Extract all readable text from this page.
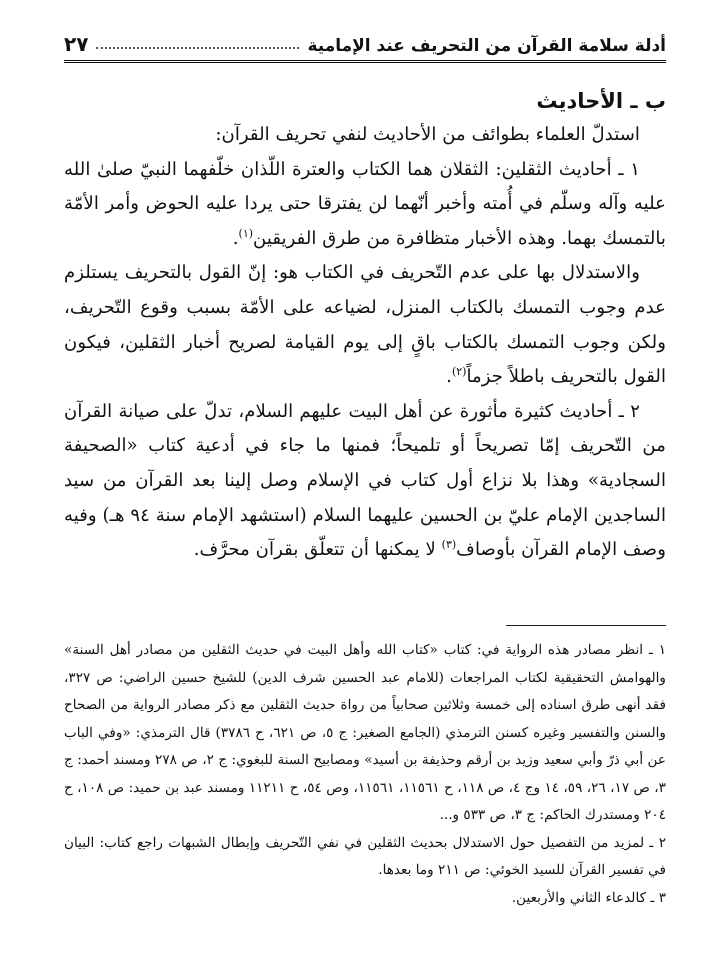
أدلة سلامة القرآن من التحريف عند الإمامية
٢٧

ب ـ الأحاديث

استدلّ العلماء بطوائف من الأحاديث لنفي تحريف القرآن:

١ ـ أحاديث الثقلين: الثقلان هما الكتاب والعترة اللّذان خلّفهما النبيّ صلىٰ الله عليه وآله وسلّم في أُمته وأخبر أنّهما لن يفترقا حتى يردا عليه الحوض وأمر الأمّة بالتمسك بهما. وهذه الأخبار متظافرة من طرق الفريقين$^{(١)}$.

والاستدلال بها على عدم التّحريف في الكتاب هو: إنّ القول بالتحريف يستلزم عدم وجوب التمسك بالكتاب المنزل، لضياعه على الأمّة بسبب وقوع التّحريف، ولكن وجوب التمسك بالكتاب باقٍ إلى يوم القيامة لصريح أخبار الثقلين، فيكون القول بالتحريف باطلاً جزماً$^{(٢)}$.

٢ ـ أحاديث كثيرة مأثورة عن أهل البيت عليهم السلام، تدلّ على صيانة القرآن من التّحريف إمّا تصريحاً أو تلميحاً؛ فمنها ما جاء في أدعية كتاب «الصحيفة السجادية» وهذا بلا نزاع أول كتاب في الإسلام وصل إلينا بعد القرآن من سيد الساجدين الإمام عليّ بن الحسين عليهما السلام (استشهد الإمام سنة ٩٤ هـ) وفيه وصف الإمام القرآن بأوصاف$^{(٣)}$ لا يمكنها أن تتعلّق بقرآن محرَّف.

١ ـ انظر مصادر هذه الرواية في: كتاب «كتاب الله وأهل البيت في حديث الثقلين من مصادر أهل السنة» والهوامش التحقيقية لكتاب المراجعات (للامام عبد الحسين شرف الدين) للشيخ حسين الراضي: ص ٣٢٧، فقد أنهى طرق اسناده إلى خمسة وثلاثين صحابياً من رواة حديث الثقلين مع ذكر مصادر الرواية من الصحاح والسنن والتفسير وغيره كسنن الترمذي (الجامع الصغير: ج ٥، ص ٦٢١، ح ٣٧٨٦) قال الترمذي: «وفي الباب عن أبي ذرّ وأبي سعيد وزيد بن أرقم وحذيفة بن أسيد» ومصابيح السنة للبغوي: ج ٢، ص ٢٧٨ ومسند أحمد: ج ٣، ص ١٧، ٢٦، ٥٩، ١٤ وج ٤، ص ١١٨، ح ١١٥٦١، ١١٥٦١، وص ٥٤، ح ١١٢١١ ومسند عبد بن حميد: ص ١٠٨، ح ٢٠٤ ومستدرك الحاكم: ج ٣، ص ٥٣٣ و...

٢ ـ لمزيد من التفصيل حول الاستدلال بحديث الثقلين في نفي التّحريف وإبطال الشبهات راجع كتاب: البيان في تفسير القرآن للسيد الخوئي: ص ٢١١ وما بعدها.

٣ ـ كالدعاء الثاني والأربعين.
